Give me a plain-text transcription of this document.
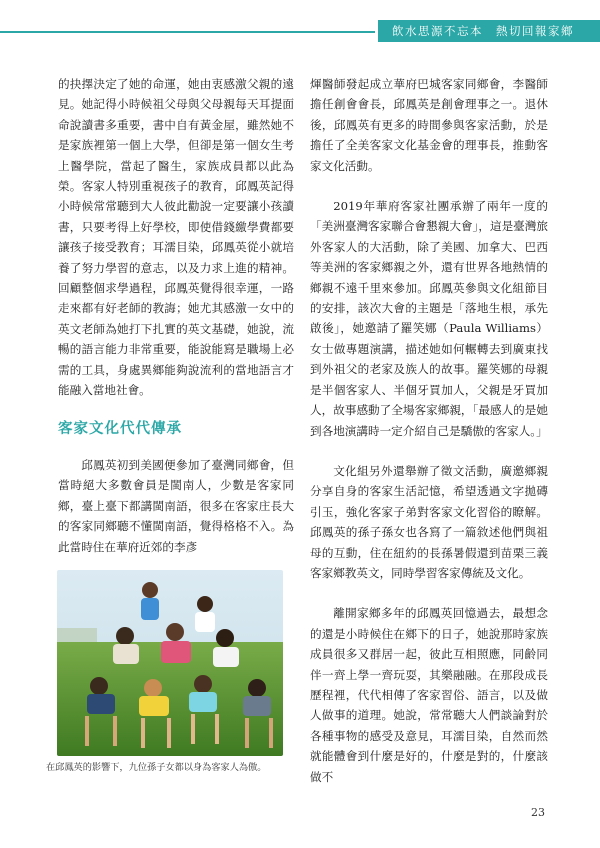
飲水思源不忘本　熱切回報家鄉

的抉擇決定了她的命運，她由衷感激父親的遠見。她記得小時候祖父母與父母親每天耳提面命說讀書多重要，書中自有黃金屋，雖然她不是家族裡第一個上大學，但卻是第一個女生考上醫學院，當起了醫生，家族成員都以此為榮。客家人特別重視孩子的教育，邱鳳英記得小時候常常聽到大人彼此勸說一定要讓小孩讀書，只要考得上好學校，即使借錢繳學費都要讓孩子接受教育；耳濡目染，邱鳳英從小就培養了努力學習的意志，以及力求上進的精神。回顧整個求學過程，邱鳳英覺得很幸運，一路走來都有好老師的教誨；她尤其感激一女中的英文老師為她打下扎實的英文基礎，她說，流暢的語言能力非常重要，能說能寫是職場上必需的工具，身處異鄉能夠說流利的當地語言才能融入當地社會。

客家文化代代傳承

邱鳳英初到美國便參加了臺灣同鄉會，但當時絕大多數會員是閩南人，少數是客家同鄉，臺上臺下都講閩南語，很多在客家庄長大的客家同鄉聽不懂閩南語，覺得格格不入。為此當時住在華府近郊的李彥

在邱鳳英的影響下，九位孫子女都以身為客家人為傲。

煇醫師發起成立華府巴城客家同鄉會，李醫師擔任創會會長，邱鳳英是創會理事之一。退休後，邱鳳英有更多的時間參與客家活動，於是擔任了全美客家文化基金會的理事長，推動客家文化活動。

2019年華府客家社團承辦了兩年一度的「美洲臺灣客家聯合會懇親大會」，這是臺灣旅外客家人的大活動，除了美國、加拿大、巴西等美洲的客家鄉親之外，還有世界各地熱情的鄉親不遠千里來參加。邱鳳英參與文化組節目的安排，該次大會的主題是「落地生根，承先啟後」，她邀請了羅笑娜（Paula Williams）女士做專題演講，描述她如何輾轉去到廣東找到外祖父的老家及族人的故事。羅笑娜的母親是半個客家人、半個牙買加人，父親是牙買加人，故事感動了全場客家鄉親，「最感人的是她到各地演講時一定介紹自己是驕傲的客家人。」

文化組另外還舉辦了徵文活動，廣邀鄉親分享自身的客家生活記憶，希望透過文字拋磚引玉，強化客家子弟對客家文化習俗的瞭解。邱鳳英的孫子孫女也各寫了一篇敘述他們與祖母的互動，住在紐約的長孫暑假還到苗栗三義客家鄉教英文，同時學習客家傳統及文化。

離開家鄉多年的邱鳳英回憶過去，最想念的還是小時候住在鄉下的日子，她說那時家族成員很多又群居一起，彼此互相照應，同齡同伴一齊上學一齊玩耍，其樂融融。在那段成長歷程裡，代代相傳了客家習俗、語言，以及做人做事的道理。她說，常常聽大人們談論對於各種事物的感受及意見，耳濡目染，自然而然就能體會到什麼是好的，什麼是對的，什麼該做不

23
